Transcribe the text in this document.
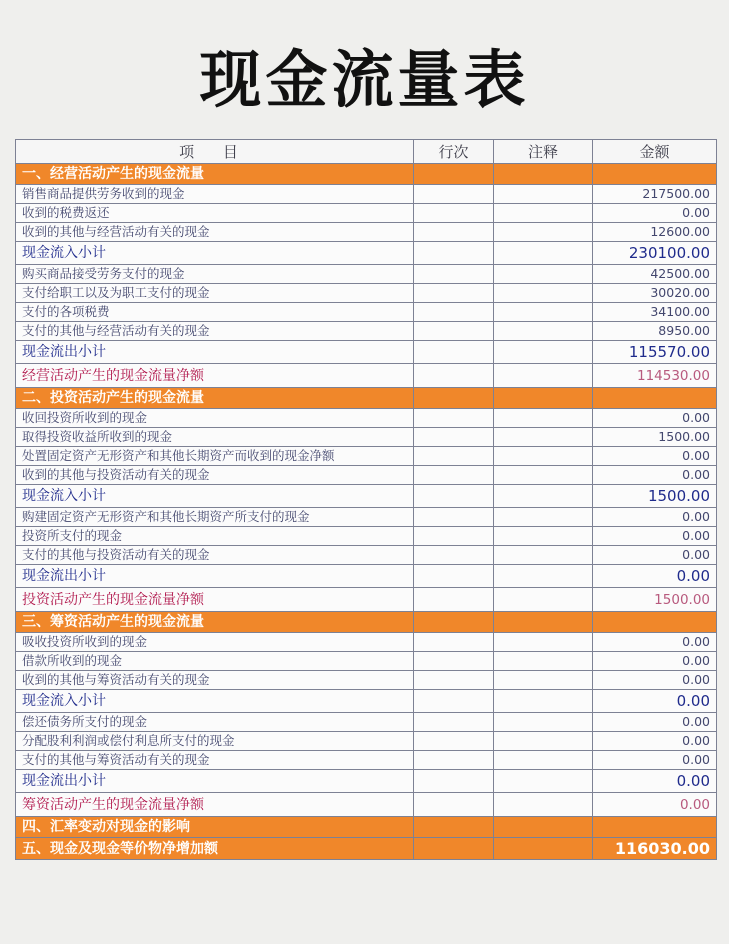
现金流量表
项 目	行次	注释	金额
一、经营活动产生的现金流量			
销售商品提供劳务收到的现金			217500.00
收到的税费返还			0.00
收到的其他与经营活动有关的现金			12600.00
现金流入小计			230100.00
购买商品接受劳务支付的现金			42500.00
支付给职工以及为职工支付的现金			30020.00
支付的各项税费			34100.00
支付的其他与经营活动有关的现金			8950.00
现金流出小计			115570.00
经营活动产生的现金流量净额			114530.00
二、投资活动产生的现金流量			
收回投资所收到的现金			0.00
取得投资收益所收到的现金			1500.00
处置固定资产无形资产和其他长期资产而收到的现金净额			0.00
收到的其他与投资活动有关的现金			0.00
现金流入小计			1500.00
购建固定资产无形资产和其他长期资产所支付的现金			0.00
投资所支付的现金			0.00
支付的其他与投资活动有关的现金			0.00
现金流出小计			0.00
投资活动产生的现金流量净额			1500.00
三、筹资活动产生的现金流量			
吸收投资所收到的现金			0.00
借款所收到的现金			0.00
收到的其他与筹资活动有关的现金			0.00
现金流入小计			0.00
偿还债务所支付的现金			0.00
分配股利利润或偿付利息所支付的现金			0.00
支付的其他与筹资活动有关的现金			0.00
现金流出小计			0.00
筹资活动产生的现金流量净额			0.00
四、汇率变动对现金的影响			
五、现金及现金等价物净增加额			116030.00
